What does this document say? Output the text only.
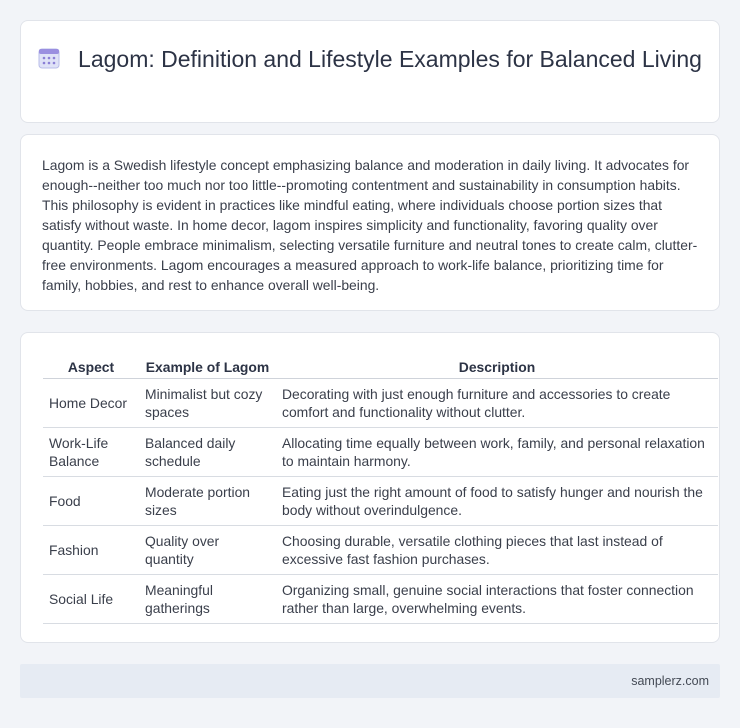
Lagom: Definition and Lifestyle Examples for Balanced Living

Lagom is a Swedish lifestyle concept emphasizing balance and moderation in daily living. It advocates for enough--neither too much nor too little--promoting contentment and sustainability in consumption habits. This philosophy is evident in practices like mindful eating, where individuals choose portion sizes that satisfy without waste. In home decor, lagom inspires simplicity and functionality, favoring quality over quantity. People embrace minimalism, selecting versatile furniture and neutral tones to create calm, clutter-free environments. Lagom encourages a measured approach to work-life balance, prioritizing time for family, hobbies, and rest to enhance overall well-being.

Aspect	Example of Lagom	Description
Home Decor	Minimalist but cozy spaces	Decorating with just enough furniture and accessories to create comfort and functionality without clutter.
Work-Life Balance	Balanced daily schedule	Allocating time equally between work, family, and personal relaxation to maintain harmony.
Food	Moderate portion sizes	Eating just the right amount of food to satisfy hunger and nourish the body without overindulgence.
Fashion	Quality over quantity	Choosing durable, versatile clothing pieces that last instead of excessive fast fashion purchases.
Social Life	Meaningful gatherings	Organizing small, genuine social interactions that foster connection rather than large, overwhelming events.
samplerz.com
